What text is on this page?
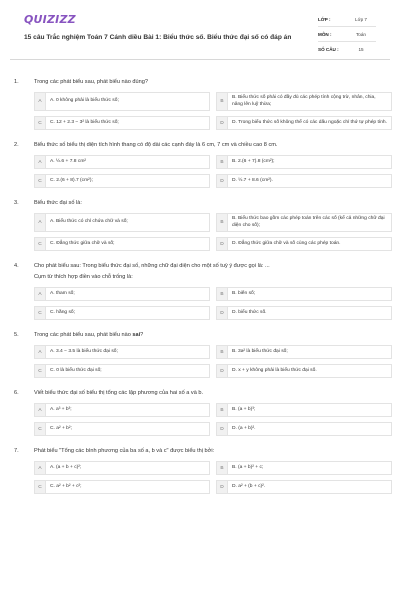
QUIZIZZ
15 câu Trắc nghiệm Toán 7 Cánh diều Bài 1: Biểu thức số. Biểu thức đại số có đáp án
LỚP :	Lớp 7
MÔN :	Toán
SỐ CÂU :	15
1.	Trong các phát biểu sau, phát biểu nào đúng?
A	A. 0 không phải là biểu thức số;	B
B. Biểu thức số phải có đầy đủ các phép tính cộng trừ, nhân, chia, nâng lên luỹ thừa;
C	C. 12 + 2.3 − 3² là biểu thức số;	D	D. Trong biểu thức số không thể có các dấu ngoặc chỉ thứ tự phép tính.
2.	Biểu thức số biểu thị diện tích hình thang có độ dài các cạnh đáy là 6 cm, 7 cm và chiều cao 8 cm.
A	A. ½.6 + 7.8 cm²	B	B. 2.(6 + 7).8 (cm²);
C	C. 2.(6 + 8).7 (cm²);	D	D. ½.7 + 8.6 (cm²).
3.	Biểu thức đại số là:
A	A. Biểu thức có chỉ chứa chữ và số;	B
B. Biểu thức bao gồm các phép toán trên các số (kể cả những chữ đại diện cho số);
C	C. Đẳng thức giữa chữ và số;	D	D. Đẳng thức giữa chữ và số cùng các phép toán.
4.	Cho phát biểu sau: Trong biểu thức đại số, những chữ đại diện cho một số tuỳ ý được gọi là: ...
Cụm từ thích hợp điền vào chỗ trống là:
A	A. tham số;	B	B. biến số;
C	C. hằng số;	D	D. biểu thức số.
5.	Trong các phát biểu sau, phát biểu nào sai?
A	A. 3.4 − 3.5 là biểu thức đại số;	B	B. 3a² là biểu thức đại số;
C	C. 0 là biểu thức đại số;	D	D. x + y không phải là biểu thức đại số.
6.	Viết biểu thức đại số biểu thị tổng các lập phương của hai số a và b.
A	A. a³ + b³;	B	B. (a + b)³;
C	C. a² + b²;	D	D. (a + b)².
7.	Phát biểu "Tổng các bình phương của ba số a, b và c" được biểu thị bởi:
A	A. (a + b + c)²;	B	B. (a + b)² + c;
C	C. a² + b² + c²;	D	D. a² + (b + c)².
